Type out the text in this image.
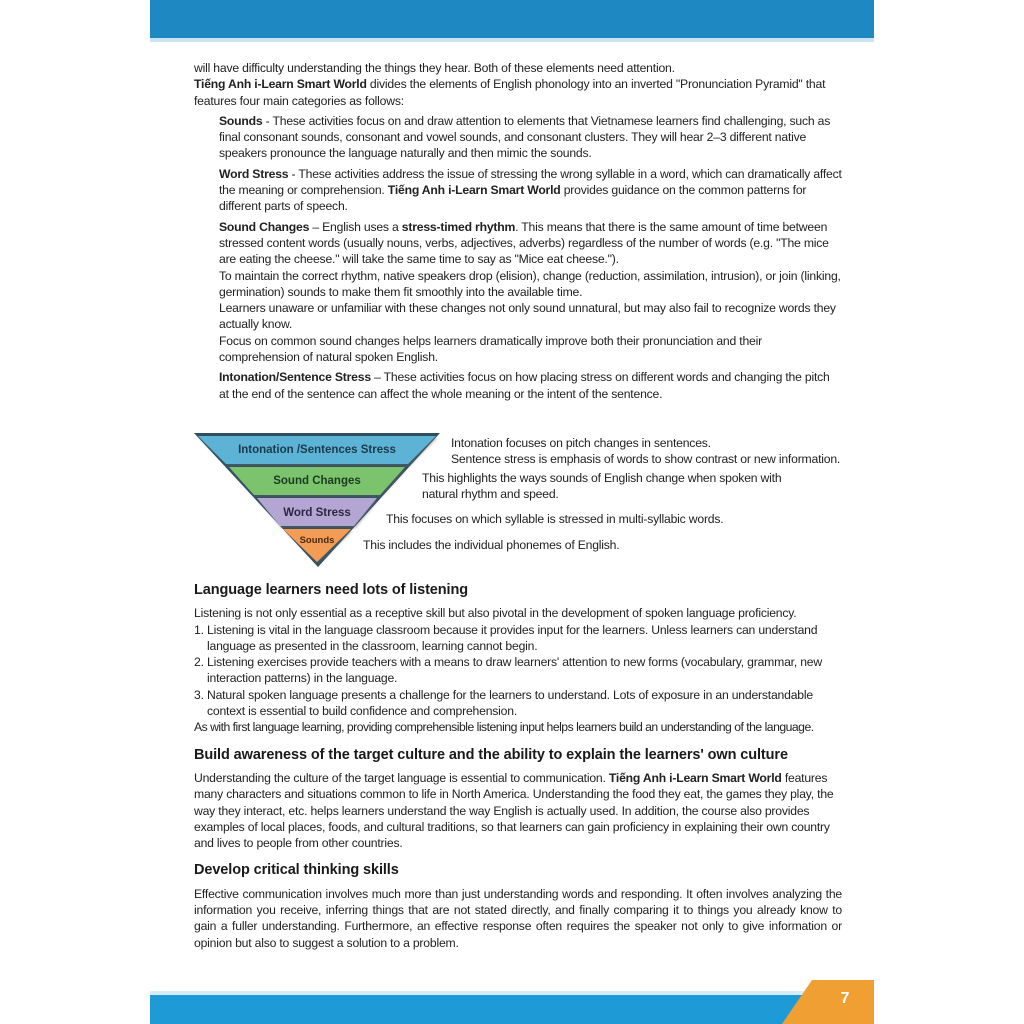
will have difficulty understanding the things they hear. Both of these elements need attention.

Tiếng Anh i-Learn Smart World divides the elements of English phonology into an inverted "Pronunciation Pyramid" that features four main categories as follows:

Sounds - These activities focus on and draw attention to elements that Vietnamese learners find challenging, such as final consonant sounds, consonant and vowel sounds, and consonant clusters. They will hear 2–3 different native speakers pronounce the language naturally and then mimic the sounds.

Word Stress - These activities address the issue of stressing the wrong syllable in a word, which can dramatically affect the meaning or comprehension. Tiếng Anh i-Learn Smart World provides guidance on the common patterns for different parts of speech.

Sound Changes – English uses a stress-timed rhythm. This means that there is the same amount of time between stressed content words (usually nouns, verbs, adjectives, adverbs) regardless of the number of words (e.g. "The mice are eating the cheese." will take the same time to say as "Mice eat cheese.").

To maintain the correct rhythm, native speakers drop (elision), change (reduction, assimilation, intrusion), or join (linking, germination) sounds to make them fit smoothly into the available time.

Learners unaware or unfamiliar with these changes not only sound unnatural, but may also fail to recognize words they actually know.

Focus on common sound changes helps learners dramatically improve both their pronunciation and their comprehension of natural spoken English.

Intonation/Sentence Stress – These activities focus on how placing stress on different words and changing the pitch at the end of the sentence can affect the whole meaning or the intent of the sentence.

Intonation /Sentences Stress
Sound Changes
Word Stress
Sounds
Intonation focuses on pitch changes in sentences.
Sentence stress is emphasis of words to show contrast or new information.
This highlights the ways sounds of English change when spoken with
natural rhythm and speed.
This focuses on which syllable is stressed in multi-syllabic words.
This includes the individual phonemes of English.

Language learners need lots of listening

Listening is not only essential as a receptive skill but also pivotal in the development of spoken language proficiency.

1. Listening is vital in the language classroom because it provides input for the learners. Unless learners can understand language as presented in the classroom, learning cannot begin.
2. Listening exercises provide teachers with a means to draw learners' attention to new forms (vocabulary, grammar, new interaction patterns) in the language.
3. Natural spoken language presents a challenge for the learners to understand. Lots of exposure in an understandable context is essential to build confidence and comprehension.

As with first language learning, providing comprehensible listening input helps learners build an understanding of the language.

Build awareness of the target culture and the ability to explain the learners' own culture

Understanding the culture of the target language is essential to communication. Tiếng Anh i-Learn Smart World features many characters and situations common to life in North America. Understanding the food they eat, the games they play, the way they interact, etc. helps learners understand the way English is actually used. In addition, the course also provides examples of local places, foods, and cultural traditions, so that learners can gain proficiency in explaining their own country and lives to people from other countries.

Develop critical thinking skills

Effective communication involves much more than just understanding words and responding. It often involves analyzing the information you receive, inferring things that are not stated directly, and finally comparing it to things you already know to gain a fuller understanding. Furthermore, an effective response often requires the speaker not only to give information or opinion but also to suggest a solution to a problem.

7
